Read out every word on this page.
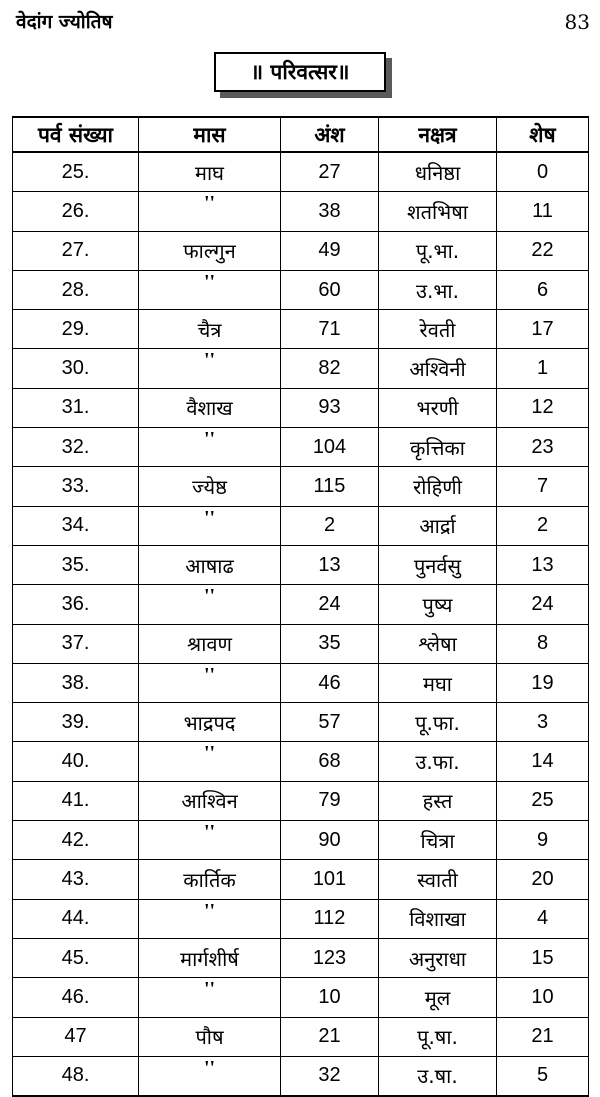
वेदांग ज्योतिष	83
॥ परिवत्सर॥
पर्व संख्या	मास	अंश	नक्षत्र	शेष
25.	माघ	27	धनिष्ठा	0
26.	''	38	शतभिषा	11
27.	फाल्गुन	49	पू.भा.	22
28.	''	60	उ.भा.	6
29.	चैत्र	71	रेवती	17
30.	''	82	अश्विनी	1
31.	वैशाख	93	भरणी	12
32.	''	104	कृत्तिका	23
33.	ज्येष्ठ	115	रोहिणी	7
34.	''	2	आर्द्रा	2
35.	आषाढ	13	पुनर्वसु	13
36.	''	24	पुष्य	24
37.	श्रावण	35	श्लेषा	8
38.	''	46	मघा	19
39.	भाद्रपद	57	पू.फा.	3
40.	''	68	उ.फा.	14
41.	आश्विन	79	हस्त	25
42.	''	90	चित्रा	9
43.	कार्तिक	101	स्वाती	20
44.	''	112	विशाखा	4
45.	मार्गशीर्ष	123	अनुराधा	15
46.	''	10	मूल	10
47	पौष	21	पू.षा.	21
48.	''	32	उ.षा.	5
